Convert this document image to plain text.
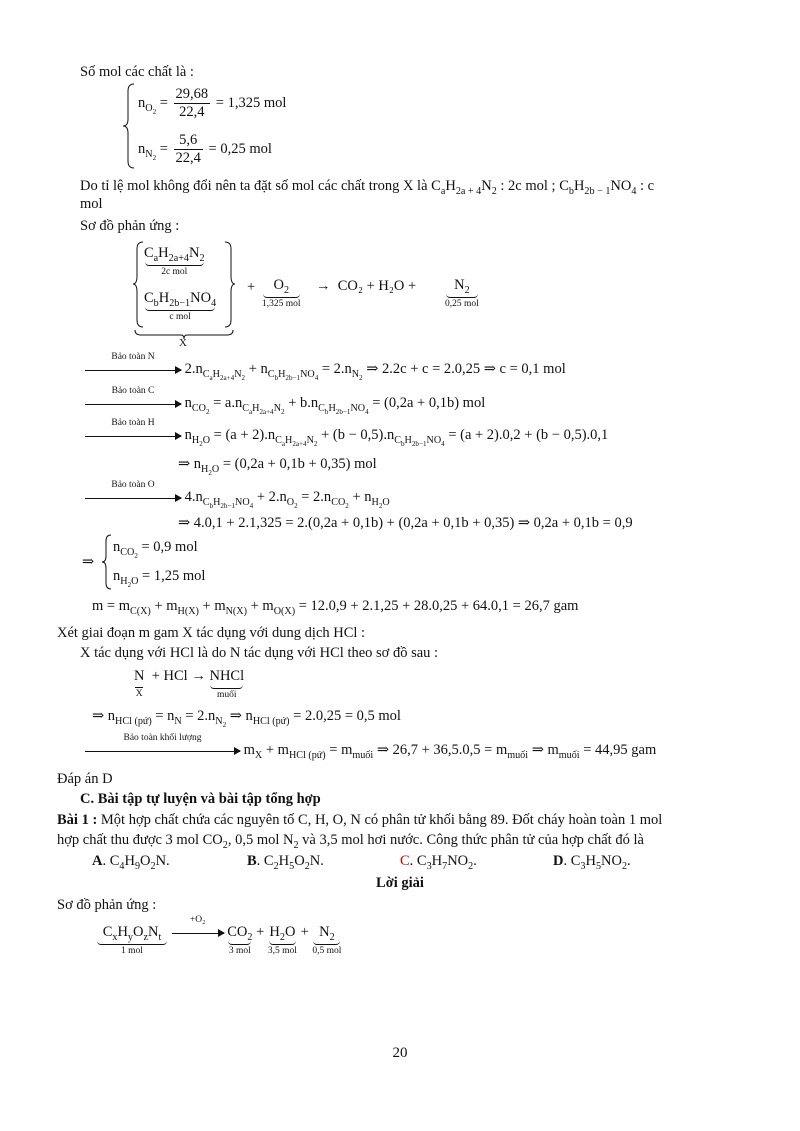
Số mol các chất là :
$n_{O_2} = \frac{29,68}{22,4} = 1,325$ mol
$n_{N_2} = \frac{5,6}{22,4} = 0,25$ mol
Do tỉ lệ mol không đổi nên ta đặt số mol các chất trong X là $C_aH_{2a + 4}N_2$ : 2c mol ; $C_bH_{2b - 1}NO_4$ : c
mol
Sơ đồ phản ứng :
$C_aH_{2a+4}N_2$
2c mol
$C_bH_{2b-1}NO_4$
c mol
X
+	$O_2$
1,325 mol
→  CO₂ + H₂O +	$N_2$
0,25 mol
Bảo toàn N
$2.n_{C_aH_{2a+4}N_2} + n_{C_bH_{2b-1}NO_4} = 2.n_{N_2}$ ⇒ 2.2c + c = 2.0,25 ⇒ c = 0,1 mol
Bảo toàn C
$n_{CO_2} = a.n_{C_aH_{2a+4}N_2} + b.n_{C_bH_{2b-1}NO_4} = (0,2a + 0,1b)$ mol
Bảo toàn H
$n_{H_2O} = (a + 2).n_{C_aH_{2a+4}N_2} + (b - 0,5).n_{C_bH_{2b-1}NO_4} = (a + 2).0,2 + (b - 0,5).0,1$
⇒ $n_{H_2O} = (0,2a + 0,1b + 0,35)$ mol
Bảo toàn O
$4.n_{C_bH_{2b-1}NO_4} + 2.n_{O_2} = 2.n_{CO_2} + n_{H_2O}$
⇒ 4.0,1 + 2.1,325 = 2.(0,2a + 0,1b) + (0,2a + 0,1b + 0,35) ⇒ 0,2a + 0,1b = 0,9
⇒
$n_{CO_2} = 0,9$ mol
$n_{H_2O} = 1,25$ mol
$m = m_{C(X)} + m_{H(X)} + m_{N(X)} + m_{O(X)} = 12.0,9 + 2.1,25 + 28.0,25 + 64.0,1 = 26,7$ gam
Xét giai đoạn m gam X tác dụng với dung dịch HCl :
X tác dụng với HCl là do N tác dụng với HCl theo sơ đồ sau :
N
X
+ HCl → NHCl
muối
⇒ $n_{HCl (pứ)} = n_N = 2.n_{N_2}$ ⇒ $n_{HCl (pứ)} = 2.0,25 = 0,5$ mol
Bảo toàn khối lượng
$m_X + m_{HCl (pứ)} = m_{muối}$ ⇒ $26,7 + 36,5.0,5 = m_{muối}$ ⇒ $m_{muối} = 44,95$ gam
Đáp án D
C. Bài tập tự luyện và bài tập tổng hợp
Bài 1 : Một hợp chất chứa các nguyên tố C, H, O, N có phân tử khối bằng 89. Đốt cháy hoàn toàn 1 mol
hợp chất thu được 3 mol $CO_2$, 0,5 mol $N_2$ và 3,5 mol hơi nước. Công thức phân tử của hợp chất đó là
A. $C_4H_9O_2N$.	B. $C_2H_5O_2N$.	C. $C_3H_7NO_2$.	D. $C_3H_5NO_2$.
Lời giải
Sơ đồ phản ứng :
$C_xH_yO_zN_t$
1 mol

+O₂
$CO_2$
3 mol
+ $H_2O$
3,5 mol
+ $N_2$
0,5 mol
20
